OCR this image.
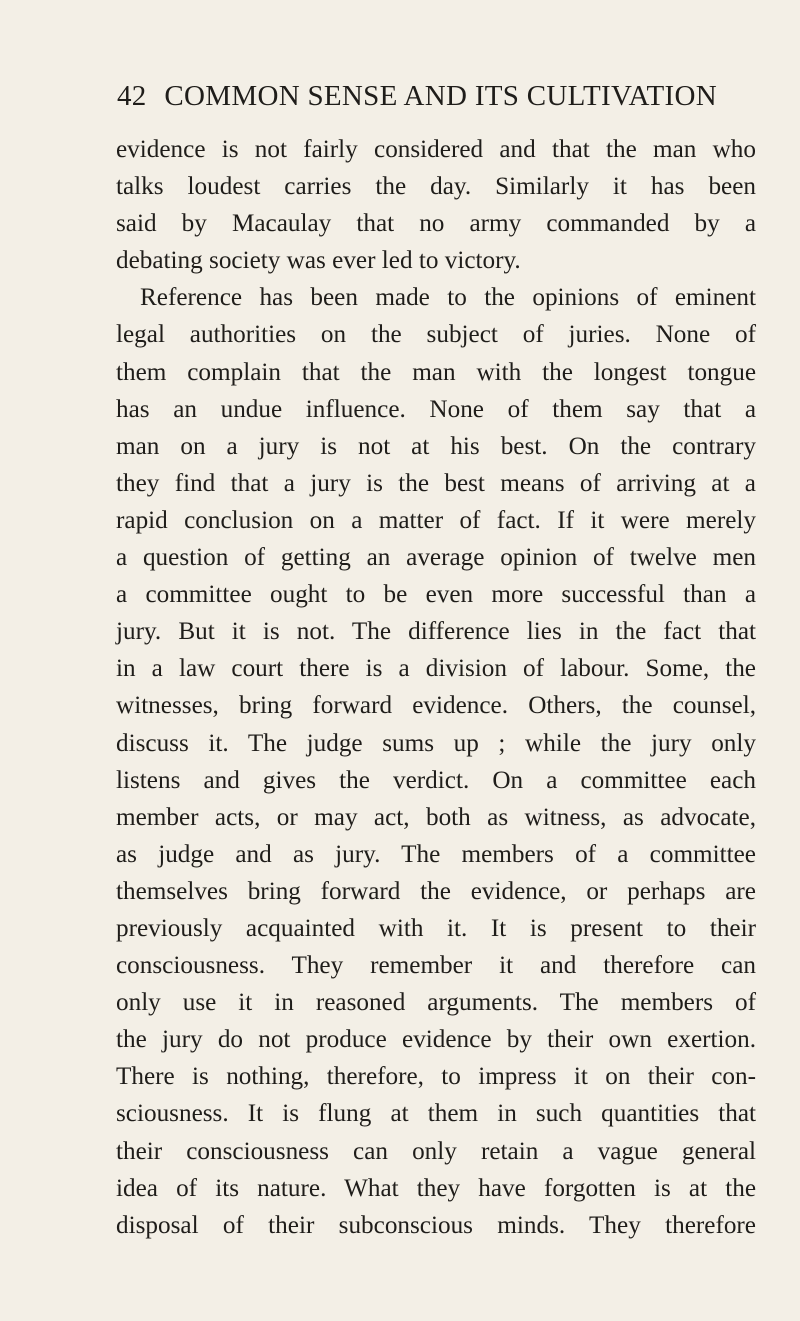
42 COMMON SENSE AND ITS CULTIVATION
evidence is not fairly considered and that the man who
talks loudest carries the day. Similarly it has been
said by Macaulay that no army commanded by a
debating society was ever led to victory.
Reference has been made to the opinions of eminent
legal authorities on the subject of juries. None of
them complain that the man with the longest tongue
has an undue influence. None of them say that a
man on a jury is not at his best. On the contrary
they find that a jury is the best means of arriving at a
rapid conclusion on a matter of fact. If it were merely
a question of getting an average opinion of twelve men
a committee ought to be even more successful than a
jury. But it is not. The difference lies in the fact that
in a law court there is a division of labour. Some, the
witnesses, bring forward evidence. Others, the counsel,
discuss it. The judge sums up ; while the jury only
listens and gives the verdict. On a committee each
member acts, or may act, both as witness, as advocate,
as judge and as jury. The members of a committee
themselves bring forward the evidence, or perhaps are
previously acquainted with it. It is present to their
consciousness. They remember it and therefore can
only use it in reasoned arguments. The members of
the jury do not produce evidence by their own exertion.
There is nothing, therefore, to impress it on their con-
sciousness. It is flung at them in such quantities that
their consciousness can only retain a vague general
idea of its nature. What they have forgotten is at the
disposal of their subconscious minds. They therefore
